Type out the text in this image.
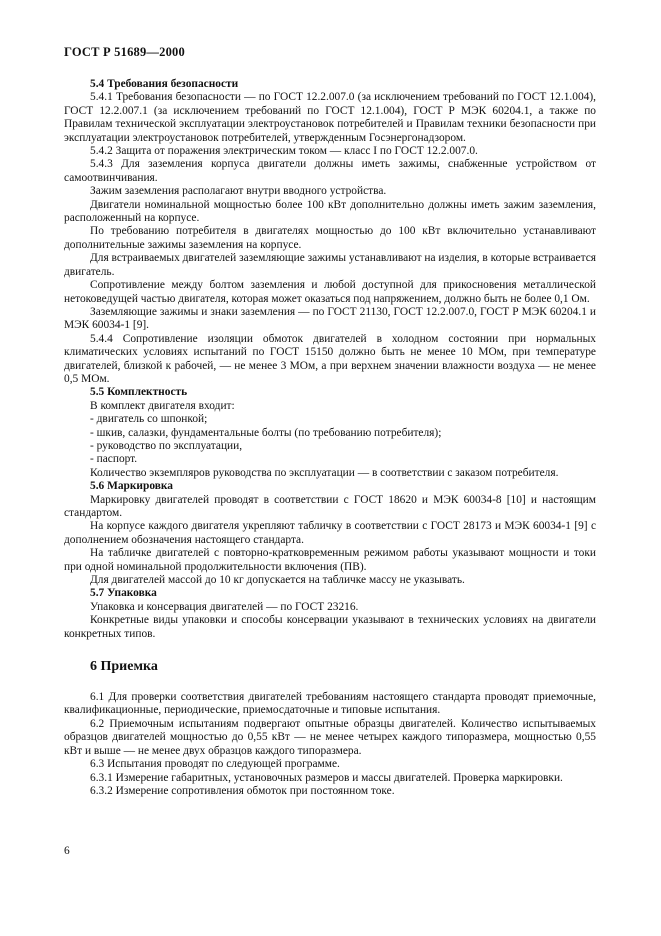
ГОСТ Р 51689—2000

5.4 Требования безопасности

5.4.1 Требования безопасности — по ГОСТ 12.2.007.0 (за исключением требований по ГОСТ 12.1.004), ГОСТ 12.2.007.1 (за исключением требований по ГОСТ 12.1.004), ГОСТ Р МЭК 60204.1, а также по Правилам технической эксплуатации электроустановок потребителей и Правилам техники безопасности при эксплуатации электроустановок потребителей, утвержденным Госэнергонадзором.

5.4.2 Защита от поражения электрическим током — класс I по ГОСТ 12.2.007.0.

5.4.3 Для заземления корпуса двигатели должны иметь зажимы, снабженные устройством от самоотвинчивания.

Зажим заземления располагают внутри вводного устройства.

Двигатели номинальной мощностью более 100 кВт дополнительно должны иметь зажим заземления, расположенный на корпусе.

По требованию потребителя в двигателях мощностью до 100 кВт включительно устанавливают дополнительные зажимы заземления на корпусе.

Для встраиваемых двигателей заземляющие зажимы устанавливают на изделия, в которые встраивается двигатель.

Сопротивление между болтом заземления и любой доступной для прикосновения металлической нетоковедущей частью двигателя, которая может оказаться под напряжением, должно быть не более 0,1 Ом.

Заземляющие зажимы и знаки заземления — по ГОСТ 21130, ГОСТ 12.2.007.0, ГОСТ Р МЭК 60204.1 и МЭК 60034-1 [9].

5.4.4 Сопротивление изоляции обмоток двигателей в холодном состоянии при нормальных климатических условиях испытаний по ГОСТ 15150 должно быть не менее 10 МОм, при температуре двигателей, близкой к рабочей, — не менее 3 МОм, а при верхнем значении влажности воздуха — не менее 0,5 МОм.

5.5 Комплектность

В комплект двигателя входит:

- двигатель со шпонкой;

- шкив, салазки, фундаментальные болты (по требованию потребителя);

- руководство по эксплуатации,

- паспорт.

Количество экземпляров руководства по эксплуатации — в соответствии с заказом потребителя.

5.6 Маркировка

Маркировку двигателей проводят в соответствии с ГОСТ 18620 и МЭК 60034-8 [10] и настоящим стандартом.

На корпусе каждого двигателя укрепляют табличку в соответствии с ГОСТ 28173 и МЭК 60034-1 [9] с дополнением обозначения настоящего стандарта.

На табличке двигателей с повторно-кратковременным режимом работы указывают мощности и токи при одной номинальной продолжительности включения (ПВ).

Для двигателей массой до 10 кг допускается на табличке массу не указывать.

5.7 Упаковка

Упаковка и консервация двигателей — по ГОСТ 23216.

Конкретные виды упаковки и способы консервации указывают в технических условиях на двигатели конкретных типов.

6 Приемка

6.1 Для проверки соответствия двигателей требованиям настоящего стандарта проводят приемочные, квалификационные, периодические, приемосдаточные и типовые испытания.

6.2 Приемочным испытаниям подвергают опытные образцы двигателей. Количество испытываемых образцов двигателей мощностью до 0,55 кВт — не менее четырех каждого типоразмера, мощностью 0,55 кВт и выше — не менее двух образцов каждого типоразмера.

6.3 Испытания проводят по следующей программе.

6.3.1 Измерение габаритных, установочных размеров и массы двигателей. Проверка маркировки.

6.3.2 Измерение сопротивления обмоток при постоянном токе.

6
